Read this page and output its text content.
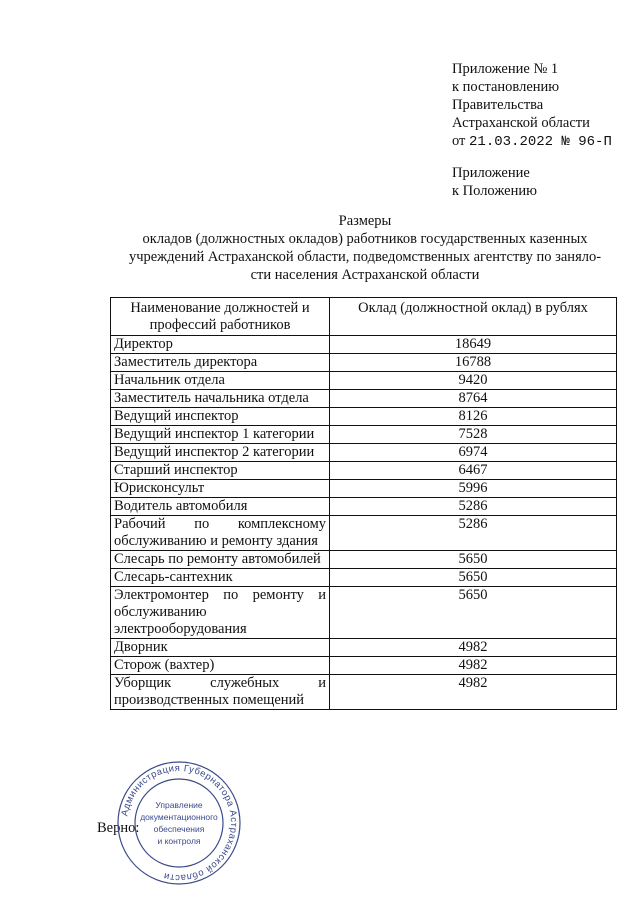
Приложение № 1
к постановлению
Правительства
Астраханской области
от 21.03.2022 № 96-П
Приложение
к Положению
Размеры
окладов (должностных окладов) работников государственных казенных
учреждений Астраханской области, подведомственных агентству по заняло-
сти населения Астраханской области
Наименование должностей и профессий работников	Оклад (должностной оклад) в рублях
Директор	18649
Заместитель директора	16788
Начальник отдела	9420
Заместитель начальника отдела	8764
Ведущий инспектор	8126
Ведущий инспектор 1 категории	7528
Ведущий инспектор 2 категории	6974
Старший инспектор	6467
Юрисконсульт	5996
Водитель автомобиля	5286
Рабочий по комплексному обслуживанию и ремонту здания	5286
Слесарь по ремонту автомобилей	5650
Слесарь-сантехник	5650
Электромонтер по ремонту и обслуживанию электрооборудования	5650
Дворник	4982
Сторож (вахтер)	4982
Уборщик служебных и производственных помещений	4982
Верно:
Администрация Губернатора Астраханской области
Управление
документационного
обеспечения
и контроля
